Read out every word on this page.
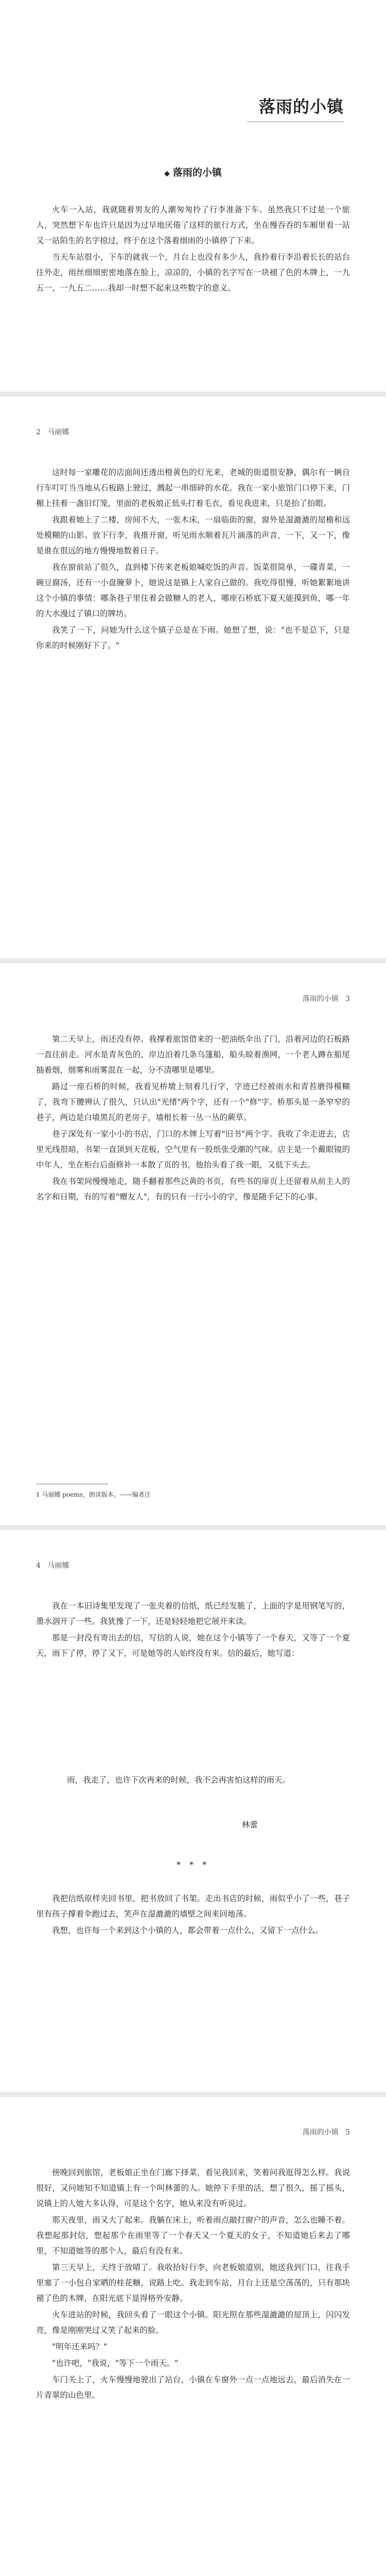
落雨的小镇
◆ 落雨的小镇

火车一入站，我就随着男友的人潮匆匆拎了行李准备下车。虽然我只不过是一个旅人，突然想下车也许只是因为过早地厌倦了这样的旅行方式，坐在慢吞吞的车厢里看一站又一站陌生的名字掠过，终于在这个落着细雨的小镇停了下来。

当天车站很小，下车的就我一个，月台上也没有多少人，我拎着行李沿着长长的站台往外走，雨丝细细密密地落在脸上，凉凉的，小镇的名字写在一块褪了色的木牌上，一九五一、一九五二……我却一时想不起来这些数字的意义。

2 马丽娜

这时每一家雕花的店面间还透出橙黄色的灯光来，老城的街道很安静，偶尔有一辆自行车叮叮当当地从石板路上驶过，溅起一串细碎的水花。我在一家小旅馆门口停下来，门楣上挂着一盏旧灯笼，里面的老板娘正低头打着毛衣，看见我进来，只是抬了抬眼。

我跟着她上了二楼，房间不大，一张木床，一扇临街的窗，窗外是湿漉漉的屋檐和远处模糊的山影。放下行李，我推开窗，听见雨水顺着瓦片滴落的声音，一下，又一下，像是谁在很远的地方慢慢地数着日子。

我在窗前站了很久，直到楼下传来老板娘喊吃饭的声音。饭菜很简单，一碟青菜，一碗豆腐汤，还有一小盘腌萝卜，她说这是镇上人家自己做的。我吃得很慢，听她絮絮地讲这个小镇的事情：哪条巷子里住着会做糖人的老人，哪座石桥底下夏天能摸到鱼，哪一年的大水漫过了镇口的牌坊。

我笑了一下，问她为什么这个镇子总是在下雨。她想了想，说："也不是总下，只是你来的时候刚好下了。"

落雨的小镇 3

第二天早上，雨还没有停。我撑着旅馆借来的一把油纸伞出了门，沿着河边的石板路一直往前走。河水是青灰色的，岸边泊着几条乌篷船，船头晾着渔网，一个老人蹲在船尾抽着烟，烟雾和雨雾混在一起，分不清哪里是哪里。

路过一座石桥的时候，我看见桥墩上刻着几行字，字迹已经被雨水和青苔磨得模糊了，我弯下腰辨认了很久，只认出"光绪"两个字，还有一个"修"字。桥那头是一条窄窄的巷子，两边是白墙黑瓦的老房子，墙根长着一丛一丛的蕨草。

巷子深处有一家小小的书店，门口的木牌上写着"旧书"两个字。我收了伞走进去，店里光线很暗，书架一直顶到天花板，空气里有一股纸张受潮的气味。店主是一个戴眼镜的中年人，坐在柜台后面修补一本散了页的书，他抬头看了我一眼，又低下头去。

我在书架间慢慢地走，随手翻着那些泛黄的书页，有些书的扉页上还留着从前主人的名字和日期，有的写着"赠友人"，有的只有一行小小的字，像是随手记下的心事。

1 马丽娜 poems，朗读版本。——编者注
4 马丽娜

我在一本旧诗集里发现了一张夹着的信纸，纸已经发脆了，上面的字是用钢笔写的，墨水洇开了一些。我犹豫了一下，还是轻轻地把它展开来读。

那是一封没有寄出去的信，写信的人说，她在这个小镇等了一个春天，又等了一个夏天，雨下了停，停了又下，可是她等的人始终没有来。信的最后，她写道：

雨，我走了，也许下次再来的时候，我不会再害怕这样的雨天。
林蕾
* * *

我把信纸原样夹回书里，把书放回了书架。走出书店的时候，雨似乎小了一些，巷子里有孩子撑着伞跑过去，笑声在湿漉漉的墙壁之间来回地荡。

我想，也许每一个来到这个小镇的人，都会带着一点什么，又留下一点什么。

落雨的小镇 5

傍晚回到旅馆，老板娘正坐在门廊下择菜，看见我回来，笑着问我逛得怎么样。我说很好，又问她知不知道镇上有一个叫林蕾的人。她停下手里的活，想了很久，摇了摇头，说镇上的人她大多认得，可是这个名字，她从来没有听说过。

那天夜里，雨又大了起来。我躺在床上，听着雨点敲打窗户的声音，怎么也睡不着。我想起那封信，想起那个在雨里等了一个春天又一个夏天的女子，不知道她后来去了哪里，不知道她等的那个人，最后有没有来。

第三天早上，天终于放晴了。我收拾好行李，向老板娘道别，她送我到门口，往我手里塞了一小包自家晒的桂花糖，说路上吃。我走到车站，月台上还是空荡荡的，只有那块褪了色的木牌，在阳光底下显得格外安静。

火车进站的时候，我回头看了一眼这个小镇。阳光照在那些湿漉漉的屋顶上，闪闪发亮，像是刚刚哭过又笑了起来的脸。

"明年还来吗？"

"也许吧，"我说，"等下一个雨天。"

车门关上了，火车慢慢地驶出了站台，小镇在车窗外一点一点地远去，最后消失在一片青翠的山色里。
